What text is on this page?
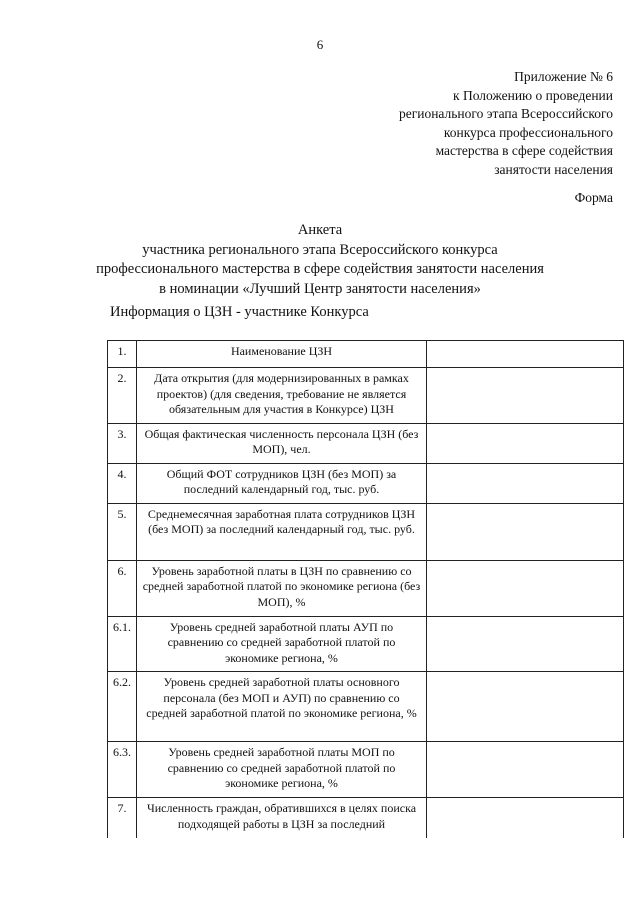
6
Приложение № 6
к Положению о проведении
регионального этапа Всероссийского
конкурса профессионального
мастерства в сфере содействия
занятости населения
Форма
Анкета
участника регионального этапа Всероссийского конкурса
профессионального мастерства в сфере содействия занятости населения
в номинации «Лучший Центр занятости населения»
Информация о ЦЗН - участнике Конкурса
1.	Наименование ЦЗН	
2.	Дата открытия (для модернизированных в рамках проектов) (для сведения, требование не является обязательным для участия в Конкурсе) ЦЗН	
3.	Общая фактическая численность персонала ЦЗН (без МОП), чел.	
4.	Общий ФОТ сотрудников ЦЗН (без МОП) за последний календарный год, тыс. руб.	
5.	Среднемесячная заработная плата сотрудников ЦЗН (без МОП) за последний календарный год, тыс. руб.	
6.	Уровень заработной платы в ЦЗН по сравнению со средней заработной платой по экономике региона (без МОП), %	
6.1.	Уровень средней заработной платы АУП по сравнению со средней заработной платой по экономике региона, %	
6.2.	Уровень средней заработной платы основного персонала (без МОП и АУП) по сравнению со средней заработной платой по экономике региона, %	
6.3.	Уровень средней заработной платы МОП по сравнению со средней заработной платой по экономике региона, %	
7.	Численность граждан, обратившихся в целях поиска подходящей работы в ЦЗН за последний	
